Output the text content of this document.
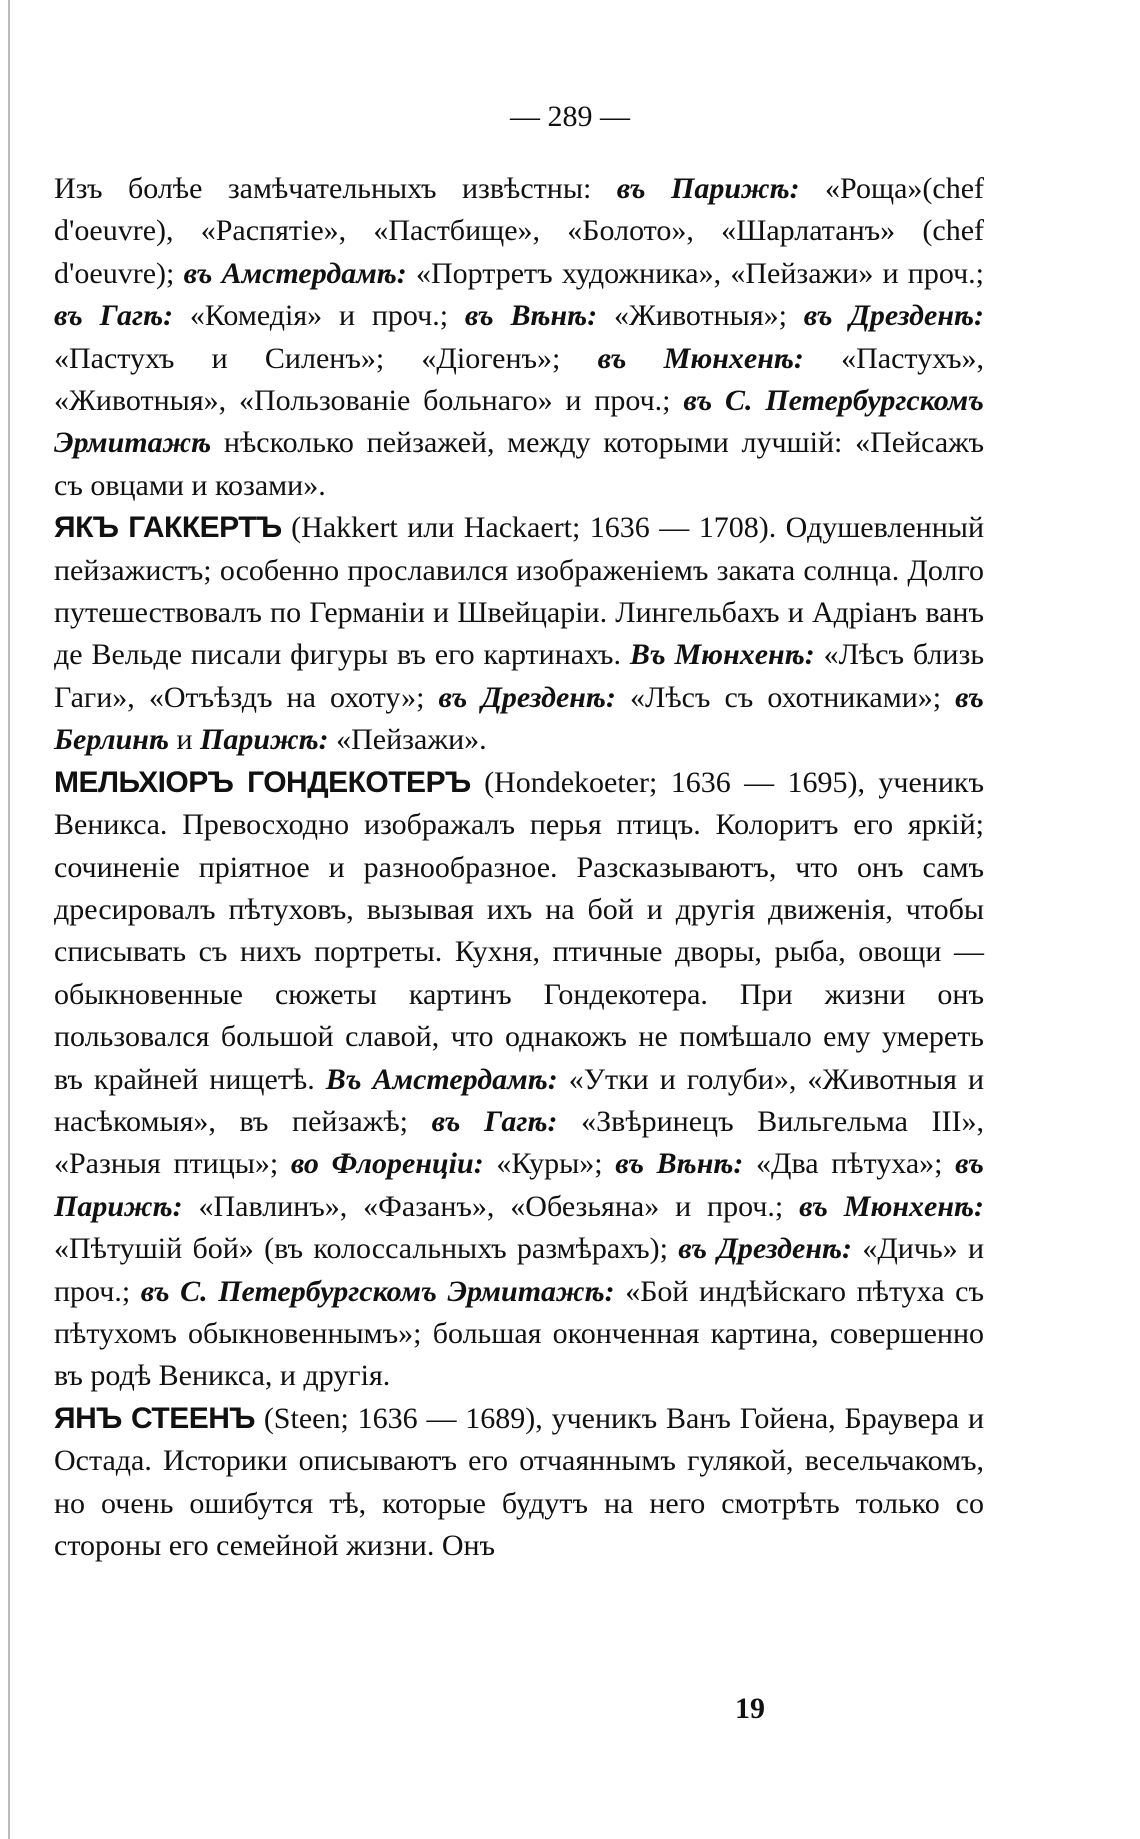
— 289 —

Изъ болѣе замѣчательныхъ извѣстны: въ Парижѣ: «Роща»(chef d'oeuvre), «Распятіе», «Пастбище», «Болото», «Шарлатанъ» (chef d'oeuvre); въ Амстердамѣ: «Портретъ художника», «Пейзажи» и проч.; въ Гагѣ: «Комедія» и проч.; въ Вѣнѣ: «Животныя»; въ Дрезденѣ: «Пастухъ и Силенъ»; «Діогенъ»; въ Мюнхенѣ: «Пастухъ», «Животныя», «Пользованіе больнаго» и проч.; въ С. Петербургскомъ Эрмитажѣ нѣсколько пейзажей, между которыми лучшій: «Пейсажъ съ овцами и козами».

ЯКЪ ГАККЕРТЪ (Hakkert или Hackaert; 1636 — 1708). Одушевленный пейзажистъ; особенно прославился изображеніемъ заката солнца. Долго путешествовалъ по Германіи и Швейцаріи. Лингельбахъ и Адріанъ ванъ де Вельде писали фигуры въ его картинахъ. Въ Мюнхенѣ: «Лѣсъ близь Гаги», «Отъѣздъ на охоту»; въ Дрезденѣ: «Лѣсъ съ охотниками»; въ Берлинѣ и Парижѣ: «Пейзажи».

МЕЛЬХІОРЪ ГОНДЕКОТЕРЪ (Hondekoeter; 1636 — 1695), ученикъ Вениксa. Превосходно изображалъ перья птицъ. Колоритъ его яркій; сочиненіе пріятное и разнообразное. Разсказываютъ, что онъ самъ дресировалъ пѣтуховъ, вызывая ихъ на бой и другія движенія, чтобы списывать съ нихъ портреты. Кухня, птичные дворы, рыба, овощи — обыкновенные сюжеты картинъ Гондекотера. При жизни онъ пользовался большой славой, что однакожъ не помѣшало ему умереть въ крайней нищетѣ. Въ Амстердамѣ: «Утки и голуби», «Животныя и насѣкомыя», въ пейзажѣ; въ Гагѣ: «Звѣринецъ Вильгельма III», «Разныя птицы»; во Флоренціи: «Куры»; въ Вѣнѣ: «Два пѣтуха»; въ Парижѣ: «Павлинъ», «Фазанъ», «Обезьяна» и проч.; въ Мюнхенѣ: «Пѣтушій бой» (въ колоссальныхъ размѣрахъ); въ Дрезденѣ: «Дичь» и проч.; въ С. Петербургскомъ Эрмитажѣ: «Бой индѣйскаго пѣтуха съ пѣтухомъ обыкновеннымъ»; большая оконченная картина, совершенно въ родѣ Веникса, и другія.

ЯНЪ СТЕЕНЪ (Steen; 1636 — 1689), ученикъ Ванъ Гойена, Браувера и Остада. Историки описываютъ его отчаяннымъ гулякой, весельчакомъ, но очень ошибутся тѣ, которые будутъ на него смотрѣть только со стороны его семейной жизни. Онъ

19
